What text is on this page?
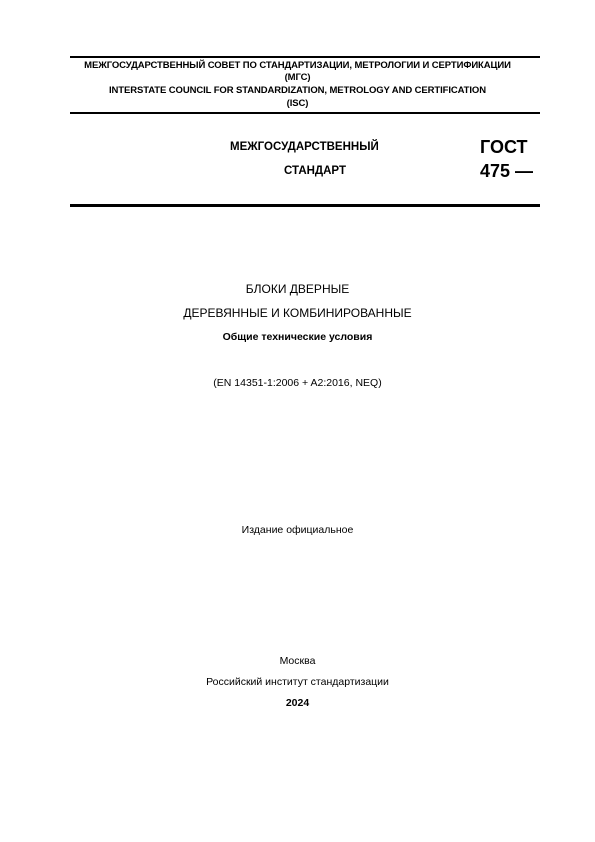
МЕЖГОСУДАРСТВЕННЫЙ СОВЕТ ПО СТАНДАРТИЗАЦИИ, МЕТРОЛОГИИ И СЕРТИФИКАЦИИ
(МГС)
INTERSTATE COUNCIL FOR STANDARDIZATION, METROLOGY AND CERTIFICATION
(ISC)
МЕЖГОСУДАРСТВЕННЫЙ
СТАНДАРТ
ГОСТ
475 —
БЛОКИ ДВЕРНЫЕ
ДЕРЕВЯННЫЕ И КОМБИНИРОВАННЫЕ
Общие технические условия
(EN 14351-1:2006 + A2:2016, NEQ)
Издание официальное
Москва
Российский институт стандартизации
2024
